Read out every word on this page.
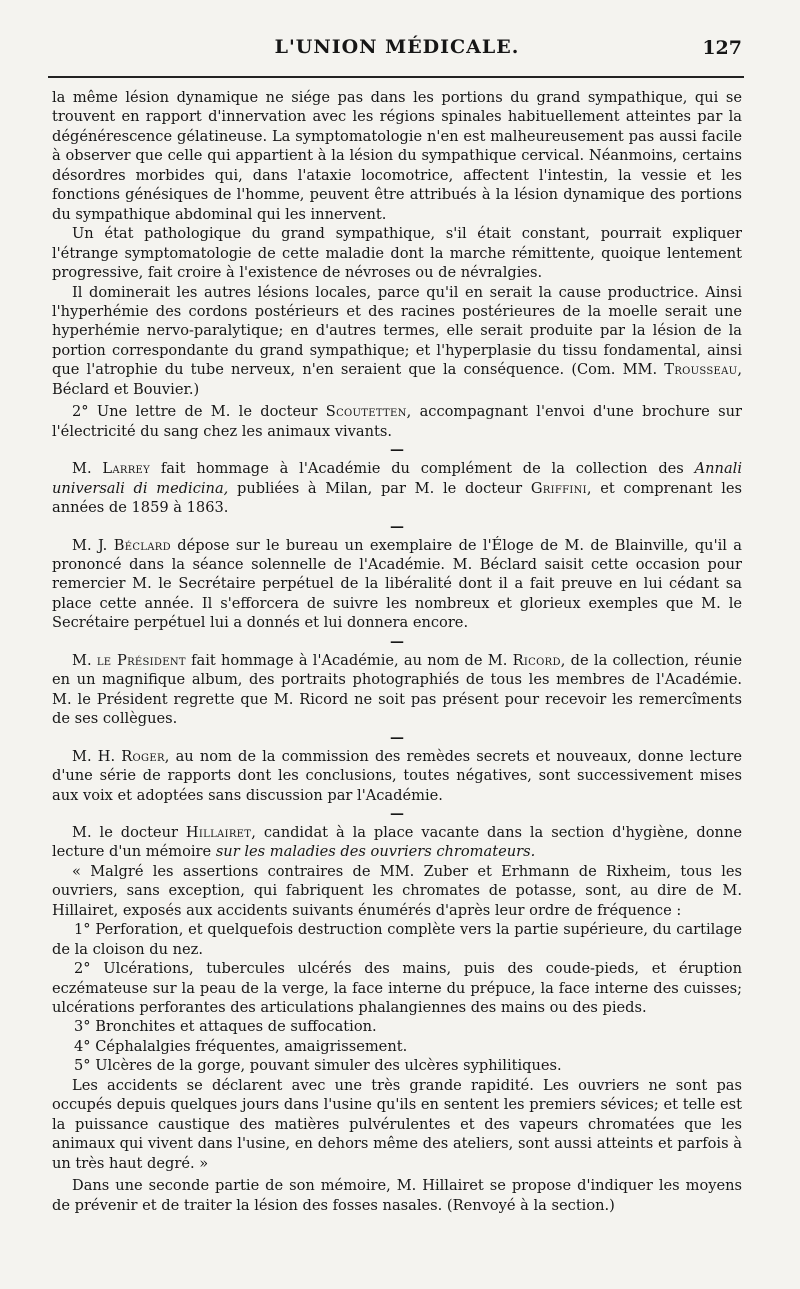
L'UNION MÉDICALE.	127

la même lésion dynamique ne siége pas dans les portions du grand sympathique, qui se trouvent en rapport d'innervation avec les régions spinales habituellement atteintes par la dégénérescence gélatineuse. La symptomatologie n'en est malheureusement pas aussi facile à observer que celle qui appartient à la lésion du sympathique cervical. Néanmoins, certains désordres morbides qui, dans l'ataxie locomotrice, affectent l'intestin, la vessie et les fonctions génésiques de l'homme, peuvent être attribués à la lésion dynamique des portions du sympathique abdominal qui les innervent.

Un état pathologique du grand sympathique, s'il était constant, pourrait expliquer l'étrange symptomatologie de cette maladie dont la marche rémittente, quoique lentement progressive, fait croire à l'existence de névroses ou de névralgies.

Il dominerait les autres lésions locales, parce qu'il en serait la cause productrice. Ainsi l'hyperhémie des cordons postérieurs et des racines postérieures de la moelle serait une hyperhémie nervo-paralytique; en d'autres termes, elle serait produite par la lésion de la portion correspondante du grand sympathique; et l'hyperplasie du tissu fondamental, ainsi que l'atrophie du tube nerveux, n'en seraient que la conséquence. (Com. MM. Trousseau, Béclard et Bouvier.)

2° Une lettre de M. le docteur Scoutetten, accompagnant l'envoi d'une brochure sur l'électricité du sang chez les animaux vivants.

—

M. Larrey fait hommage à l'Académie du complément de la collection des Annali universali di medicina, publiées à Milan, par M. le docteur Griffini, et comprenant les années de 1859 à 1863.

—

M. J. Béclard dépose sur le bureau un exemplaire de l'Éloge de M. de Blainville, qu'il a prononcé dans la séance solennelle de l'Académie. M. Béclard saisit cette occasion pour remercier M. le Secrétaire perpétuel de la libéralité dont il a fait preuve en lui cédant sa place cette année. Il s'efforcera de suivre les nombreux et glorieux exemples que M. le Secrétaire perpétuel lui a donnés et lui donnera encore.

—

M. le Président fait hommage à l'Académie, au nom de M. Ricord, de la collection, réunie en un magnifique album, des portraits photographiés de tous les membres de l'Académie. M. le Président regrette que M. Ricord ne soit pas présent pour recevoir les remercîments de ses collègues.

—

M. H. Roger, au nom de la commission des remèdes secrets et nouveaux, donne lecture d'une série de rapports dont les conclusions, toutes négatives, sont successivement mises aux voix et adoptées sans discussion par l'Académie.

—

M. le docteur Hillairet, candidat à la place vacante dans la section d'hygiène, donne lecture d'un mémoire sur les maladies des ouvriers chromateurs.

« Malgré les assertions contraires de MM. Zuber et Erhmann de Rixheim, tous les ouvriers, sans exception, qui fabriquent les chromates de potasse, sont, au dire de M. Hillairet, exposés aux accidents suivants énumérés d'après leur ordre de fréquence :

1° Perforation, et quelquefois destruction complète vers la partie supérieure, du cartilage de la cloison du nez.

2° Ulcérations, tubercules ulcérés des mains, puis des coude-pieds, et éruption eczémateuse sur la peau de la verge, la face interne du prépuce, la face interne des cuisses; ulcérations perforantes des articulations phalangiennes des mains ou des pieds.

3° Bronchites et attaques de suffocation.

4° Céphalalgies fréquentes, amaigrissement.

5° Ulcères de la gorge, pouvant simuler des ulcères syphilitiques.

Les accidents se déclarent avec une très grande rapidité. Les ouvriers ne sont pas occupés depuis quelques jours dans l'usine qu'ils en sentent les premiers sévices; et telle est la puissance caustique des matières pulvérulentes et des vapeurs chromatées que les animaux qui vivent dans l'usine, en dehors même des ateliers, sont aussi atteints et parfois à un très haut degré. »

Dans une seconde partie de son mémoire, M. Hillairet se propose d'indiquer les moyens de prévenir et de traiter la lésion des fosses nasales. (Renvoyé à la section.)
